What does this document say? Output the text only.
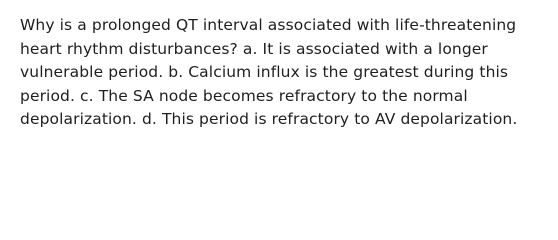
Why is a prolonged QT interval associated with life-threatening heart rhythm disturbances? a. It is associated with a longer vulnerable period. b. Calcium influx is the greatest during this period. c. The SA node becomes refractory to the normal depolarization. d. This period is refractory to AV depolarization.
